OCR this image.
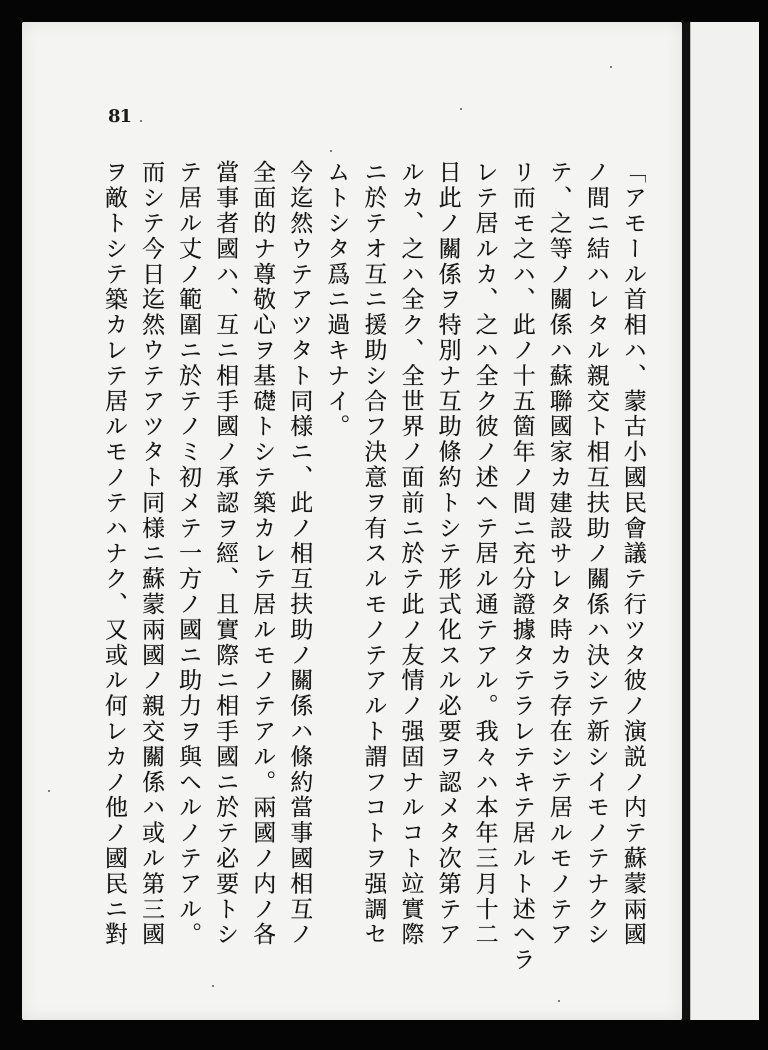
81
「アモール首相ハ、蒙古小國民會議テ行ツタ彼ノ演説ノ内テ蘇蒙兩國
ノ間ニ結ハレタル親交ト相互扶助ノ關係ハ決シテ新シイモノテナクシ
テ、之等ノ關係ハ蘇聯國家カ建設サレタ時カラ存在シテ居ルモノテア
リ而モ之ハ、此ノ十五箇年ノ間ニ充分證據タテラレテキテ居ルト述ヘラ
レテ居ルカ、之ハ全ク彼ノ述ヘテ居ル通テアル。我々ハ本年三月十二
日此ノ關係ヲ特別ナ互助條約トシテ形式化スル必要ヲ認メタ次第テア
ルカ、之ハ全ク、全世界ノ面前ニ於テ此ノ友情ノ强固ナルコト竝實際
ニ於テオ互ニ援助シ合フ決意ヲ有スルモノテアルト謂フコトヲ强調セ
ムトシタ爲ニ過キナイ。
今迄然ウテアツタト同様ニ、此ノ相互扶助ノ關係ハ條約當事國相互ノ
全面的ナ尊敬心ヲ基礎トシテ築カレテ居ルモノテアル。兩國ノ内ノ各
當事者國ハ、互ニ相手國ノ承認ヲ經、且實際ニ相手國ニ於テ必要トシ
テ居ル丈ノ範圍ニ於テノミ初メテ一方ノ國ニ助力ヲ與ヘルノテアル。
而シテ今日迄然ウテアツタト同様ニ蘇蒙兩國ノ親交關係ハ或ル第三國
ヲ敵トシテ築カレテ居ルモノテハナク、又或ル何レカノ他ノ國民ニ對
